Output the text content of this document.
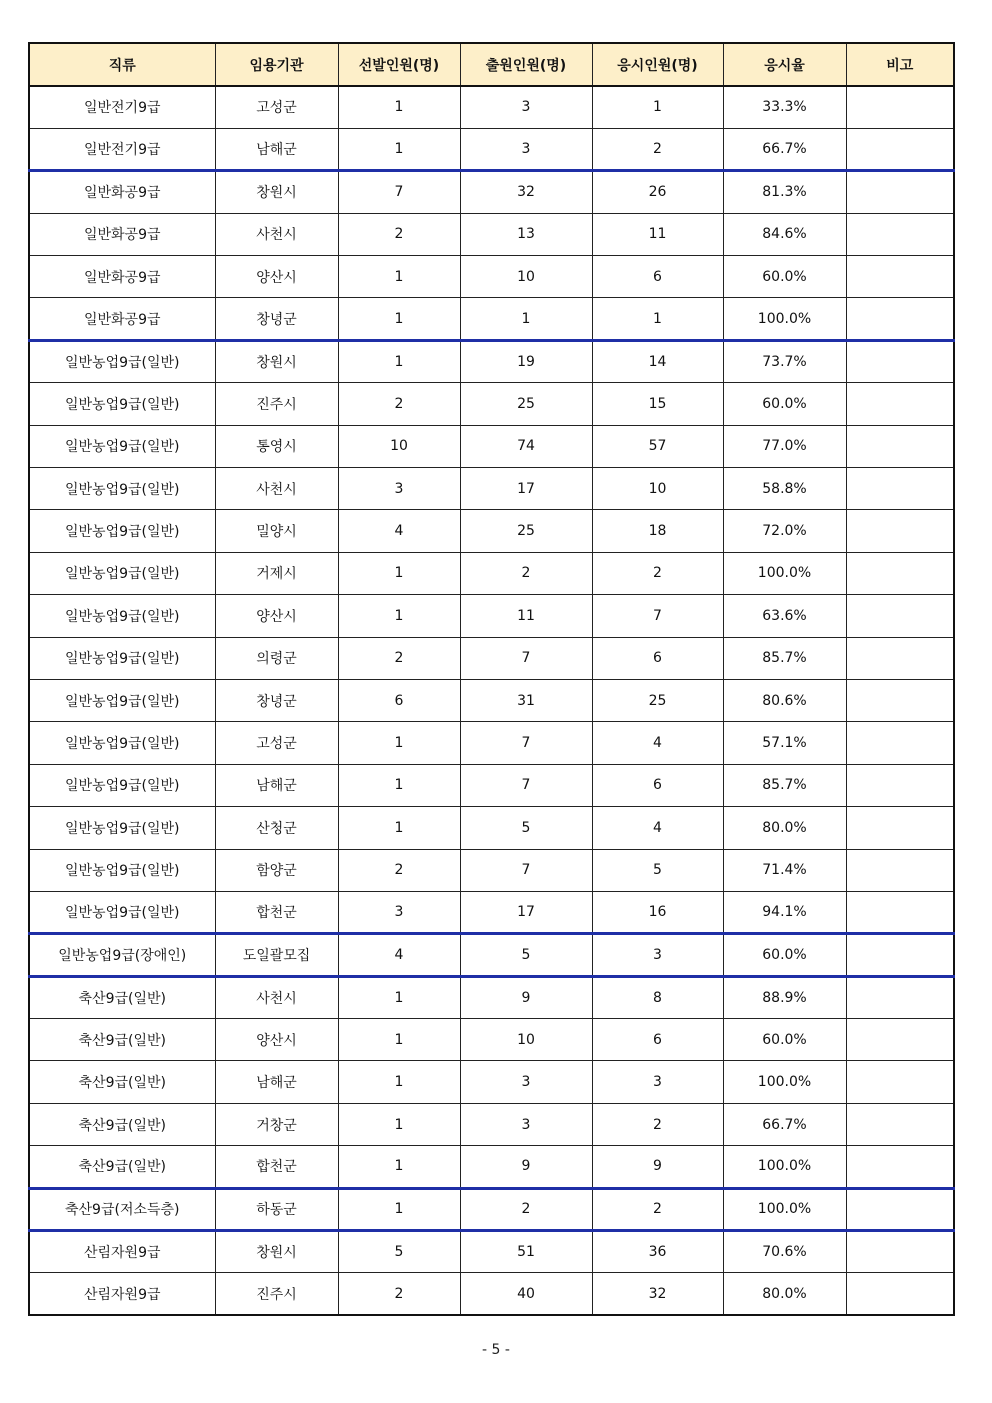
직류	임용기관	선발인원(명)	출원인원(명)	응시인원(명)	응시율	비고
일반전기9급	고성군	1	3	1	33.3%	
일반전기9급	남해군	1	3	2	66.7%	
일반화공9급	창원시	7	32	26	81.3%	
일반화공9급	사천시	2	13	11	84.6%	
일반화공9급	양산시	1	10	6	60.0%	
일반화공9급	창녕군	1	1	1	100.0%	
일반농업9급(일반)	창원시	1	19	14	73.7%	
일반농업9급(일반)	진주시	2	25	15	60.0%	
일반농업9급(일반)	통영시	10	74	57	77.0%	
일반농업9급(일반)	사천시	3	17	10	58.8%	
일반농업9급(일반)	밀양시	4	25	18	72.0%	
일반농업9급(일반)	거제시	1	2	2	100.0%	
일반농업9급(일반)	양산시	1	11	7	63.6%	
일반농업9급(일반)	의령군	2	7	6	85.7%	
일반농업9급(일반)	창녕군	6	31	25	80.6%	
일반농업9급(일반)	고성군	1	7	4	57.1%	
일반농업9급(일반)	남해군	1	7	6	85.7%	
일반농업9급(일반)	산청군	1	5	4	80.0%	
일반농업9급(일반)	함양군	2	7	5	71.4%	
일반농업9급(일반)	합천군	3	17	16	94.1%	
일반농업9급(장애인)	도일괄모집	4	5	3	60.0%	
축산9급(일반)	사천시	1	9	8	88.9%	
축산9급(일반)	양산시	1	10	6	60.0%	
축산9급(일반)	남해군	1	3	3	100.0%	
축산9급(일반)	거창군	1	3	2	66.7%	
축산9급(일반)	합천군	1	9	9	100.0%	
축산9급(저소득층)	하동군	1	2	2	100.0%	
산림자원9급	창원시	5	51	36	70.6%	
산림자원9급	진주시	2	40	32	80.0%	
- 5 -
